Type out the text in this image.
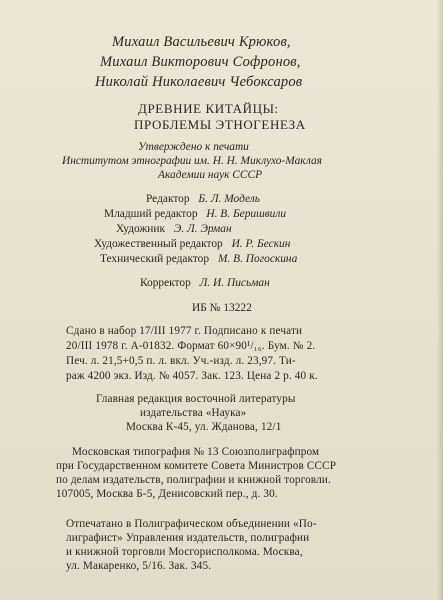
Михаил Васильевич Крюков,
Михаил Викторович Софронов,
Николай Николаевич Чебоксаров
ДРЕВНИЕ КИТАЙЦЫ:
ПРОБЛЕМЫ ЭТНОГЕНЕЗА
Утверждено к печати
Институтом этнографии им. Н. Н. Миклухо-Маклая
Академии наук СССР
Редактор Б. Л. Модель
Младший редактор Н. В. Беришвили
Художник Э. Л. Эрман
Художественный редактор И. Р. Бескин
Технический редактор М. В. Погоскина
Корректор Л. И. Письман
ИБ № 13222
Сдано в набор 17/III 1977 г. Подписано к печати
20/III 1978 г. А-01832. Формат 60×90¹/₁₆. Бум. № 2.
Печ. л. 21,5+0,5 п. л. вкл. Уч.-изд. л. 23,97. Ти-
раж 4200 экз. Изд. № 4057. Зак. 123. Цена 2 р. 40 к.
Главная редакция восточной литературы
издательства «Наука»
Москва К-45, ул. Жданова, 12/1
Московская типография № 13 Союзполиграфпром
при Государственном комитете Совета Министров СССР
по делам издательств, полиграфии и книжной торговли.
107005, Москва Б-5, Денисовский пер., д. 30.
Отпечатано в Полиграфическом объединении «По-
лиграфист» Управления издательств, полиграфии
и книжной торговли Мосгорисполкома. Москва,
ул. Макаренко, 5/16. Зак. 345.
